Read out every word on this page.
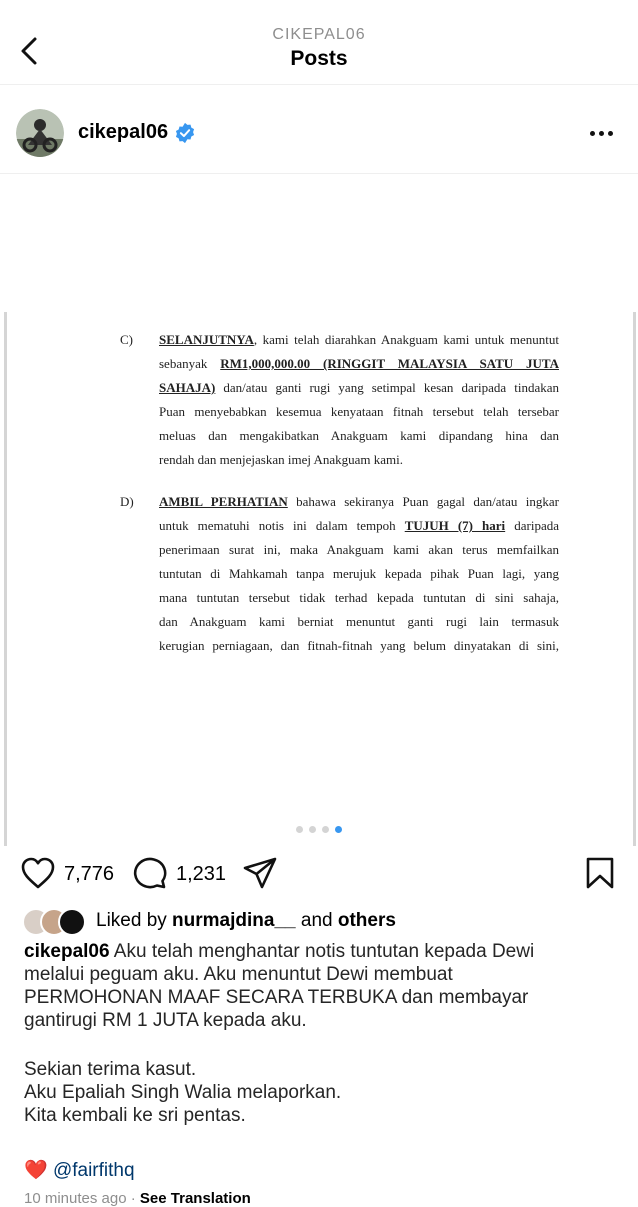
CIKEPAL06
Posts
cikepal06
C) SELANJUTNYA, kami telah diarahkan Anakguam kami untuk menuntut
sebanyak RM1,000,000.00 (RINGGIT MALAYSIA SATU JUTA
SAHAJA) dan/atau ganti rugi yang setimpal kesan daripada tindakan
Puan menyebabkan kesemua kenyataan fitnah tersebut telah tersebar
meluas dan mengakibatkan Anakguam kami dipandang hina dan
rendah dan menjejaskan imej Anakguam kami.
D) AMBIL PERHATIAN bahawa sekiranya Puan gagal dan/atau ingkar
untuk mematuhi notis ini dalam tempoh TUJUH (7) hari daripada
penerimaan surat ini, maka Anakguam kami akan terus memfailkan
tuntutan di Mahkamah tanpa merujuk kepada pihak Puan lagi, yang
mana tuntutan tersebut tidak terhad kepada tuntutan di sini sahaja,
dan Anakguam kami berniat menuntut ganti rugi lain termasuk
kerugian perniagaan, dan fitnah-fitnah yang belum dinyatakan di sini,
7,776	1,231
Liked by nurmajdina__ and others
cikepal06 Aku telah menghantar notis tuntutan kepada Dewi
melalui peguam aku. Aku menuntut Dewi membuat
PERMOHONAN MAAF SECARA TERBUKA dan membayar
gantirugi RM 1 JUTA kepada aku.
Sekian terima kasut.
Aku Epaliah Singh Walia melaporkan.
Kita kembali ke sri pentas.
❤️ @fairfithq
10 minutes ago · See Translation
